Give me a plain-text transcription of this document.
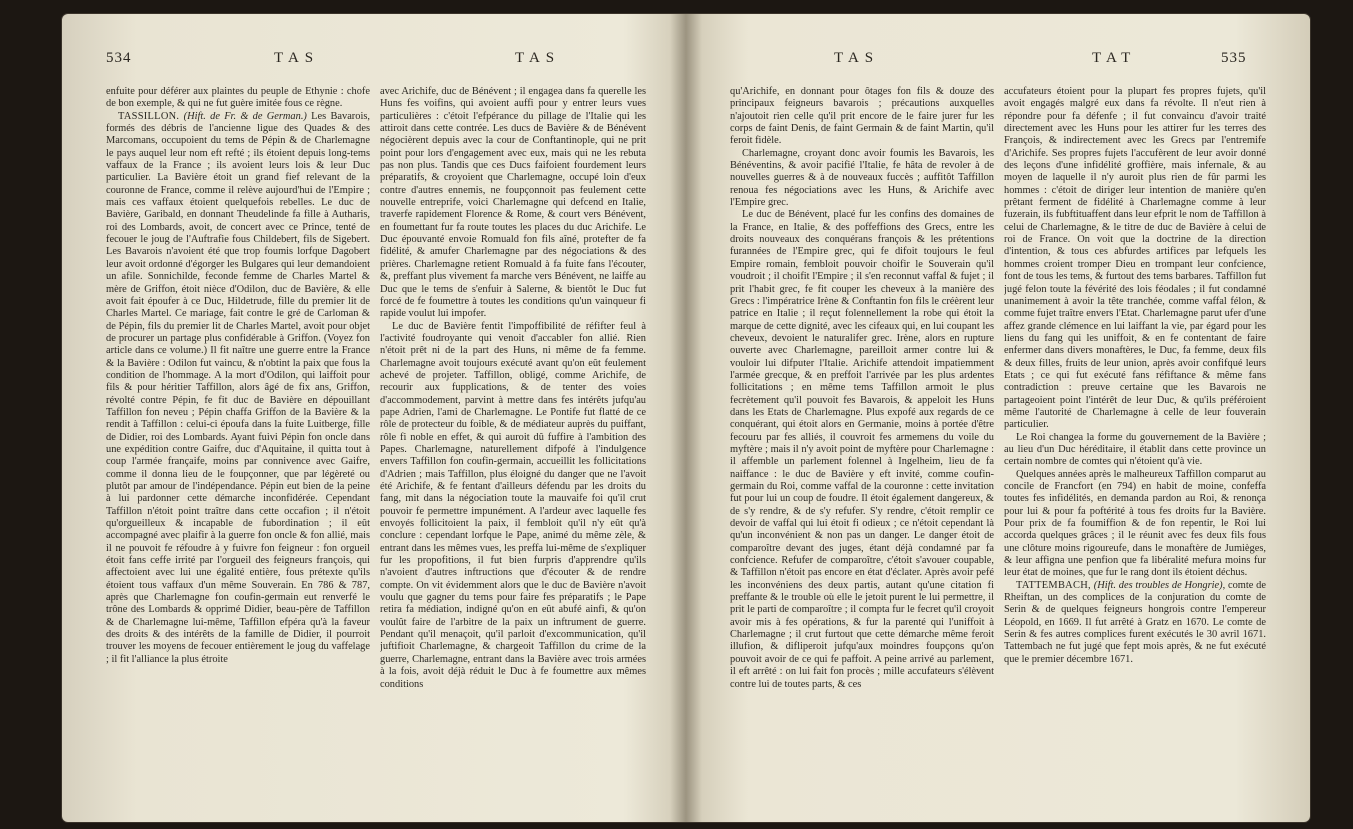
534	TAS	TAS

enfuite pour déférer aux plaintes du peuple de Ethynie : chofe de bon exemple, & qui ne fut guère imitée fous ce règne.

TASSILLON. (Hift. de Fr. & de German.) Les Bavarois, formés des débris de l'ancienne ligue des Quades & des Marcomans, occupoient du tems de Pépin & de Charlemagne le pays auquel leur nom eft refté ; ils étoient depuis long-tems vaffaux de la France ; ils avoient leurs lois & leur Duc particulier. La Bavière étoit un grand fief relevant de la couronne de France, comme il relève aujourd'hui de l'Empire ; mais ces vaffaux étoient quelquefois rebelles. Le duc de Bavière, Garibald, en donnant Theudelinde fa fille à Autharis, roi des Lombards, avoit, de concert avec ce Prince, tenté de fecouer le joug de l'Auftrafie fous Childebert, fils de Sigebert. Les Bavarois n'avoient été que trop foumis lorfque Dagobert leur avoit ordonné d'égorger les Bulgares qui leur demandoient un afile. Sonnichilde, feconde femme de Charles Martel & mère de Griffon, étoit nièce d'Odilon, duc de Bavière, & elle avoit fait époufer à ce Duc, Hildetrude, fille du premier lit de Charles Martel. Ce mariage, fait contre le gré de Carloman & de Pépin, fils du premier lit de Charles Martel, avoit pour objet de procurer un partage plus confidérable à Griffon. (Voyez fon article dans ce volume.) Il fit naître une guerre entre la France & la Bavière : Odilon fut vaincu, & n'obtint la paix que fous la condition de l'hommage. A la mort d'Odilon, qui laiffoit pour fils & pour héritier Taffillon, alors âgé de fix ans, Griffon, révolté contre Pépin, fe fit duc de Bavière en dépouillant Taffillon fon neveu ; Pépin chaffa Griffon de la Bavière & la rendit à Taffillon : celui-ci époufa dans la fuite Luitberge, fille de Didier, roi des Lombards. Ayant fuivi Pépin fon oncle dans une expédition contre Gaifre, duc d'Aquitaine, il quitta tout à coup l'armée françaife, moins par connivence avec Gaifre, comme il donna lieu de le foupçonner, que par légèreté ou plutôt par amour de l'indépendance. Pépin eut bien de la peine à lui pardonner cette démarche inconfidérée. Cependant Taffillon n'étoit point traître dans cette occafion ; il n'étoit qu'orgueilleux & incapable de fubordination ; il eût accompagné avec plaifir à la guerre fon oncle & fon allié, mais il ne pouvoit fe réfoudre à y fuivre fon feigneur : fon orgueil étoit fans ceffe irrité par l'orgueil des feigneurs françois, qui affectoient avec lui une égalité entière, fous prétexte qu'ils étoient tous vaffaux d'un même Souverain. En 786 & 787, après que Charlemagne fon coufin-germain eut renverfé le trône des Lombards & opprimé Didier, beau-père de Taffillon & de Charlemagne lui-même, Taffillon efpéra qu'à la faveur des droits & des intérêts de la famille de Didier, il pourroit trouver les moyens de fecouer entièrement le joug du vaffelage ; il fit l'alliance la plus étroite

avec Arichife, duc de Bénévent ; il engagea dans fa querelle les Huns fes voifins, qui avoient auffi pour y entrer leurs vues particulières : c'étoit l'efpérance du pillage de l'Italie qui les attiroit dans cette contrée. Les ducs de Bavière & de Bénévent négocièrent depuis avec la cour de Conftantinople, qui ne prit point pour lors d'engagement avec eux, mais qui ne les rebuta pas non plus. Tandis que ces Ducs faifoient fourdement leurs préparatifs, & croyoient que Charlemagne, occupé loin d'eux contre d'autres ennemis, ne foupçonnoit pas feulement cette nouvelle entreprife, voici Charlemagne qui defcend en Italie, traverfe rapidement Florence & Rome, & court vers Bénévent, en foumettant fur fa route toutes les places du duc Arichife. Le Duc épouvanté envoie Romuald fon fils aîné, protefter de fa fidélité, & amufer Charlemagne par des négociations & des prières. Charlemagne retient Romuald à fa fuite fans l'écouter, &, preffant plus vivement fa marche vers Bénévent, ne laiffe au Duc que le tems de s'enfuir à Salerne, & bientôt le Duc fut forcé de fe foumettre à toutes les conditions qu'un vainqueur fi rapide voulut lui impofer.

Le duc de Bavière fentit l'impoffibilité de réfifter feul à l'activité foudroyante qui venoit d'accabler fon allié. Rien n'étoit prêt ni de la part des Huns, ni même de fa femme. Charlemagne avoit toujours exécuté avant qu'on eût feulement achevé de projeter. Taffillon, obligé, comme Arichife, de recourir aux fupplications, & de tenter des voies d'accommodement, parvint à mettre dans fes intérêts jufqu'au pape Adrien, l'ami de Charlemagne. Le Pontife fut flatté de ce rôle de protecteur du foible, & de médiateur auprès du puiffant, rôle fi noble en effet, & qui auroit dû fuffire à l'ambition des Papes. Charlemagne, naturellement difpofé à l'indulgence envers Taffillon fon coufin-germain, accueillit les follicitations d'Adrien ; mais Taffillon, plus éloigné du danger que ne l'avoit été Arichife, & fe fentant d'ailleurs défendu par les droits du fang, mit dans la négociation toute la mauvaife foi qu'il crut pouvoir fe permettre impunément. A l'ardeur avec laquelle fes envoyés follicitoient la paix, il fembloit qu'il n'y eût qu'à conclure : cependant lorfque le Pape, animé du même zèle, & entrant dans les mêmes vues, les preffa lui-même de s'expliquer fur les propofitions, il fut bien furpris d'apprendre qu'ils n'avoient d'autres inftructions que d'écouter & de rendre compte. On vit évidemment alors que le duc de Bavière n'avoit voulu que gagner du tems pour faire fes préparatifs ; le Pape retira fa médiation, indigné qu'on en eût abufé ainfi, & qu'on voulût faire de l'arbitre de la paix un inftrument de guerre. Pendant qu'il menaçoit, qu'il parloit d'excommunication, qu'il juftifioit Charlemagne, & chargeoit Taffillon du crime de la guerre, Charlemagne, entrant dans la Bavière avec trois armées à la fois, avoit déjà réduit le Duc à fe foumettre aux mêmes conditions

TAS	TAT	535

qu'Arichife, en donnant pour ôtages fon fils & douze des principaux feigneurs bavarois ; précautions auxquelles n'ajoutoit rien celle qu'il prit encore de le faire jurer fur les corps de faint Denis, de faint Germain & de faint Martin, qu'il feroit fidèle.

Charlemagne, croyant donc avoir foumis les Bavarois, les Bénéventins, & avoir pacifié l'Italie, fe hâta de revoler à de nouvelles guerres & à de nouveaux fuccès ; auffitôt Taffillon renoua fes négociations avec les Huns, & Arichife avec l'Empire grec.

Le duc de Bénévent, placé fur les confins des domaines de la France, en Italie, & des poffeffions des Grecs, entre les droits nouveaux des conquérans françois & les prétentions furannées de l'Empire grec, qui fe difoit toujours le feul Empire romain, fembloit pouvoir choifir le Souverain qu'il voudroit ; il choifit l'Empire ; il s'en reconnut vaffal & fujet ; il prit l'habit grec, fe fit couper les cheveux à la manière des Grecs : l'impératrice Irène & Conftantin fon fils le créèrent leur patrice en Italie ; il reçut folennellement la robe qui étoit la marque de cette dignité, avec les cifeaux qui, en lui coupant les cheveux, devoient le naturalifer grec. Irène, alors en rupture ouverte avec Charlemagne, pareilloit armer contre lui & vouloir lui difputer l'Italie. Arichife attendoit impatiemment l'armée grecque, & en preffoit l'arrivée par les plus ardentes follicitations ; en même tems Taffillon armoit le plus fecrètement qu'il pouvoit fes Bavarois, & appeloit les Huns dans les Etats de Charlemagne. Plus expofé aux regards de ce conquérant, qui étoit alors en Germanie, moins à portée d'être fecouru par fes alliés, il couvroit fes armemens du voile du myftère ; mais il n'y avoit point de myftère pour Charlemagne : il affemble un parlement folennel à Ingelheim, lieu de fa naiffance : le duc de Bavière y eft invité, comme coufin-germain du Roi, comme vaffal de la couronne : cette invitation fut pour lui un coup de foudre. Il étoit également dangereux, & de s'y rendre, & de s'y refufer. S'y rendre, c'étoit remplir ce devoir de vaffal qui lui étoit fi odieux ; ce n'étoit cependant là qu'un inconvénient & non pas un danger. Le danger étoit de comparoître devant des juges, étant déjà condamné par fa confcience. Refufer de comparoître, c'étoit s'avouer coupable, & Taffillon n'étoit pas encore en état d'éclater. Après avoir pefé les inconvéniens des deux partis, autant qu'une citation fi preffante & le trouble où elle le jetoit purent le lui permettre, il prit le parti de comparoître ; il compta fur le fecret qu'il croyoit avoir mis à fes opérations, & fur la parenté qui l'uniffoit à Charlemagne ; il crut furtout que cette démarche même feroit illufion, & difliperoit jufqu'aux moindres foupçons qu'on pouvoit avoir de ce qui fe paffoit. A peine arrivé au parlement, il eft arrêté : on lui fait fon procès ; mille accufateurs s'élèvent contre lui de toutes parts, & ces

accufateurs étoient pour la plupart fes propres fujets, qu'il avoit engagés malgré eux dans fa révolte. Il n'eut rien à répondre pour fa défenfe ; il fut convaincu d'avoir traité directement avec les Huns pour les attirer fur les terres des François, & indirectement avec les Grecs par l'entremife d'Arichife. Ses propres fujets l'accufèrent de leur avoir donné des leçons d'une infidélité groffière, mais infernale, & au moyen de laquelle il n'y auroit plus rien de fûr parmi les hommes : c'étoit de diriger leur intention de manière qu'en prêtant ferment de fidélité à Charlemagne comme à leur fuzerain, ils fubftituaffent dans leur efprit le nom de Taffillon à celui de Charlemagne, & le titre de duc de Bavière à celui de roi de France. On voit que la doctrine de la direction d'intention, & tous ces abfurdes artifices par lefquels les hommes croient tromper Dieu en trompant leur confcience, font de tous les tems, & furtout des tems barbares. Taffillon fut jugé felon toute la févérité des lois féodales ; il fut condamné unanimement à avoir la tête tranchée, comme vaffal félon, & comme fujet traître envers l'Etat. Charlemagne parut ufer d'une affez grande clémence en lui laiffant la vie, par égard pour les liens du fang qui les uniffoit, & en fe contentant de faire enfermer dans divers monaftères, le Duc, fa femme, deux fils & deux filles, fruits de leur union, après avoir confifqué leurs Etats ; ce qui fut exécuté fans réfiftance & même fans contradiction : preuve certaine que les Bavarois ne partageoient point l'intérêt de leur Duc, & qu'ils préféroient même l'autorité de Charlemagne à celle de leur fouverain particulier.

Le Roi changea la forme du gouvernement de la Bavière ; au lieu d'un Duc héréditaire, il établit dans cette province un certain nombre de comtes qui n'étoient qu'à vie.

Quelques années après le malheureux Taffillon comparut au concile de Francfort (en 794) en habit de moine, confeffa toutes fes infidélités, en demanda pardon au Roi, & renonça pour lui & pour fa poftérité à tous fes droits fur la Bavière. Pour prix de fa foumiffion & de fon repentir, le Roi lui accorda quelques grâces ; il le réunit avec fes deux fils fous une clôture moins rigoureufe, dans le monaftère de Jumièges, & leur affigna une penfion que fa libéralité mefura moins fur leur état de moines, que fur le rang dont ils étoient déchus.

TATTEMBACH, (Hift. des troubles de Hongrie), comte de Rheiftan, un des complices de la conjuration du comte de Serin & de quelques feigneurs hongrois contre l'empereur Léopold, en 1669. Il fut arrêté à Gratz en 1670. Le comte de Serin & fes autres complices furent exécutés le 30 avril 1671. Tattembach ne fut jugé que fept mois après, & ne fut exécuté que le premier décembre 1671.
